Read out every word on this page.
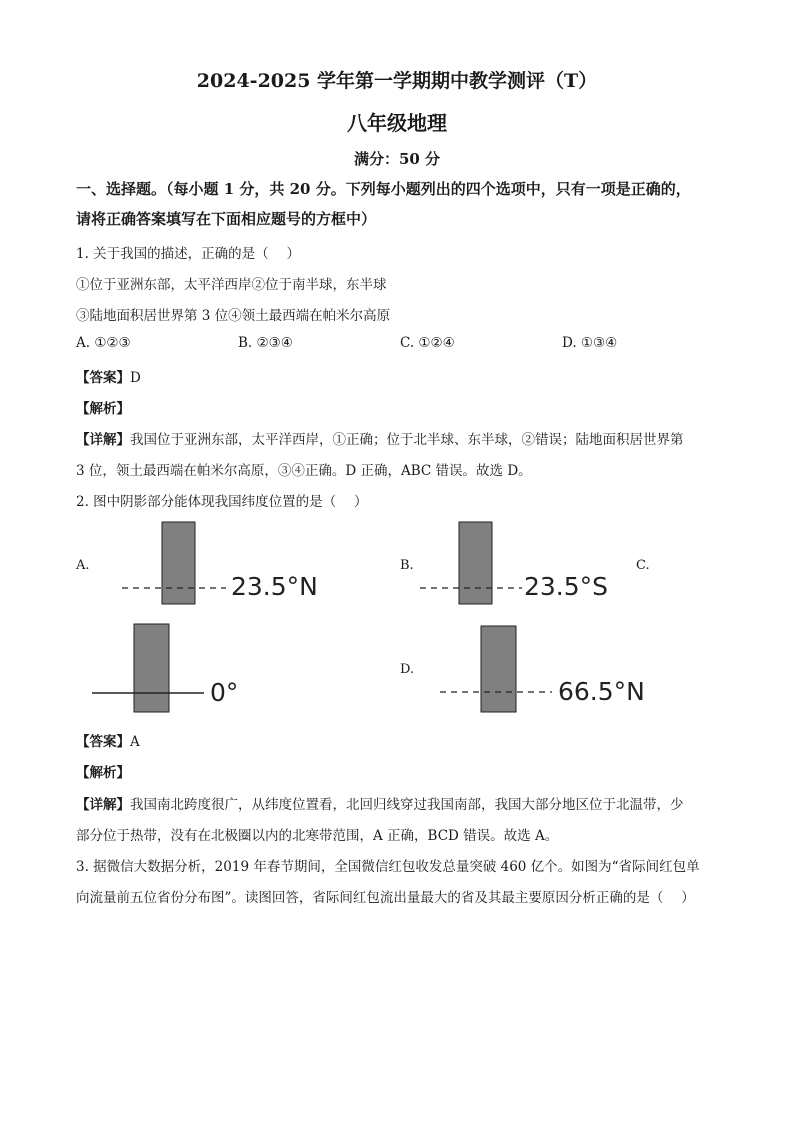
2024-2025 学年第一学期期中教学测评（T）
八年级地理
满分：50 分
一、选择题。（每小题 1 分，共 20 分。下列每小题列出的四个选项中，只有一项是正确的，
请将正确答案填写在下面相应题号的方框中）
1. 关于我国的描述，正确的是（　 ）
①位于亚洲东部，太平洋西岸②位于南半球，东半球
③陆地面积居世界第 3 位④领土最西端在帕米尔高原
A. ①②③	B. ②③④	C. ①②④	D. ①③④
【答案】D
【解析】
【详解】我国位于亚洲东部，太平洋西岸，①正确；位于北半球、东半球，②错误；陆地面积居世界第
3 位，领土最西端在帕米尔高原，③④正确。D 正确，ABC 错误。故选 D。
2. 图中阴影部分能体现我国纬度位置的是（　 ）
A.	B.	C.
D.
23.5°N	23.5°S
0°	66.5°N
【答案】A
【解析】
【详解】我国南北跨度很广，从纬度位置看，北回归线穿过我国南部，我国大部分地区位于北温带，少
部分位于热带，没有在北极圈以内的北寒带范围，A 正确，BCD 错误。故选 A。
3. 据微信大数据分析，2019 年春节期间，全国微信红包收发总量突破 460 亿个。如图为“省际间红包单
向流量前五位省份分布图”。读图回答，省际间红包流出量最大的省及其最主要原因分析正确的是（　 ）
